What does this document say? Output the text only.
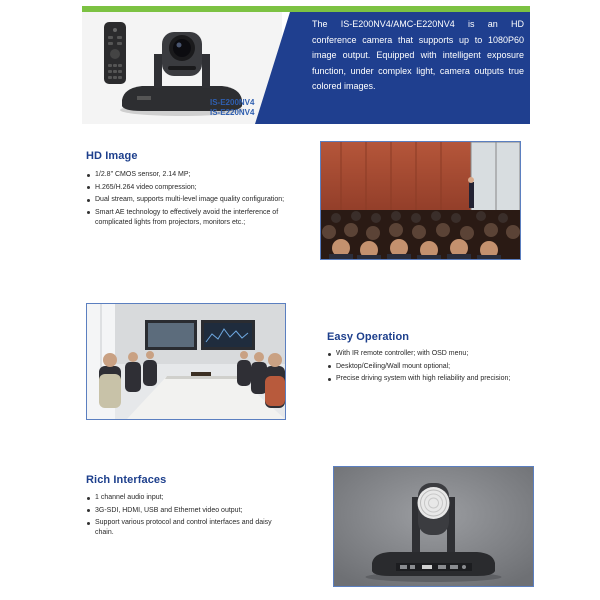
The IS-E200NV4/AMC-E220NV4 is an HD conference camera that supports up to 1080P60 image output. Equipped with intelligent exposure function, under complex light, camera outputs true colored images.
IS-E200NV4
IS-E220NV4
HD Image
1/2.8" CMOS sensor, 2.14 MP;
H.265/H.264 video compression;
Dual stream, supports multi-level image quality configuration;
Smart AE technology to effectively avoid the interference of complicated lights from projectors, monitors etc.;
Easy Operation
With IR remote controller; with OSD menu;
Desktop/Ceiling/Wall mount optional;
Precise driving system with high reliability and precision;
Rich Interfaces
1 channel audio input;
3G-SDI, HDMI, USB and Ethernet video output;
Support various protocol and control interfaces and daisy chain.
